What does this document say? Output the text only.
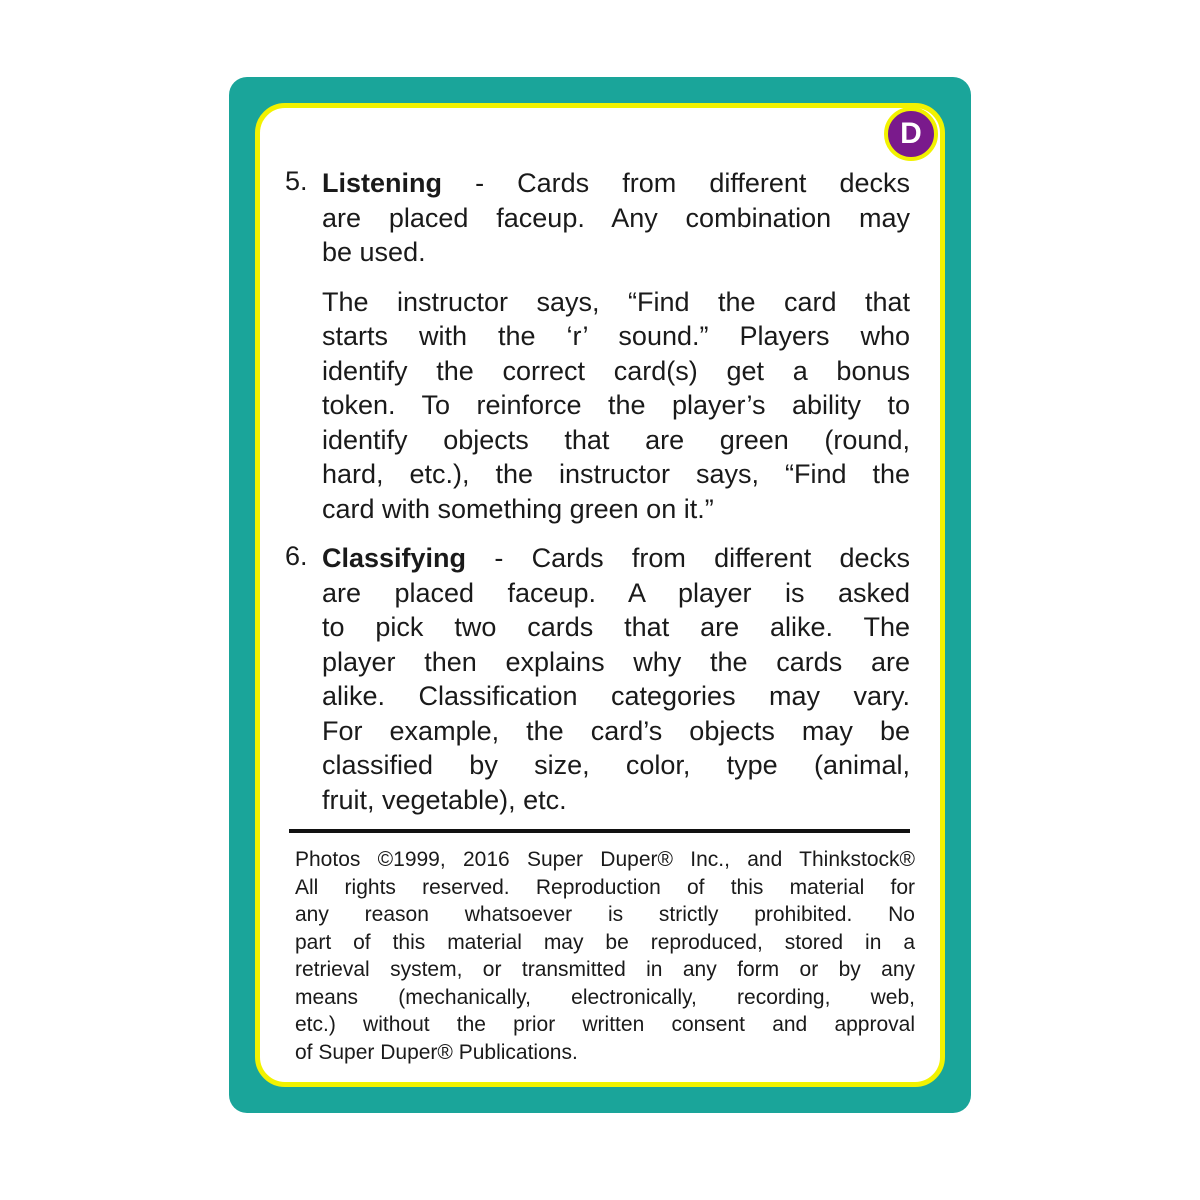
D
5. Listening - Cards from different decks
are placed faceup. Any combination may
be used.
The instructor says, “Find the card that
starts with the ‘r’ sound.” Players who
identify the correct card(s) get a bonus
token. To reinforce the player’s ability to
identify objects that are green (round,
hard, etc.), the instructor says, “Find the
card with something green on it.”
6. Classifying - Cards from different decks
are placed faceup. A player is asked
to pick two cards that are alike. The
player then explains why the cards are
alike. Classification categories may vary.
For example, the card’s objects may be
classified by size, color, type (animal,
fruit, vegetable), etc.
Photos ©1999, 2016 Super Duper® Inc., and Thinkstock®
All rights reserved. Reproduction of this material for
any reason whatsoever is strictly prohibited. No
part of this material may be reproduced, stored in a
retrieval system, or transmitted in any form or by any
means (mechanically, electronically, recording, web,
etc.) without the prior written consent and approval
of Super Duper® Publications.
